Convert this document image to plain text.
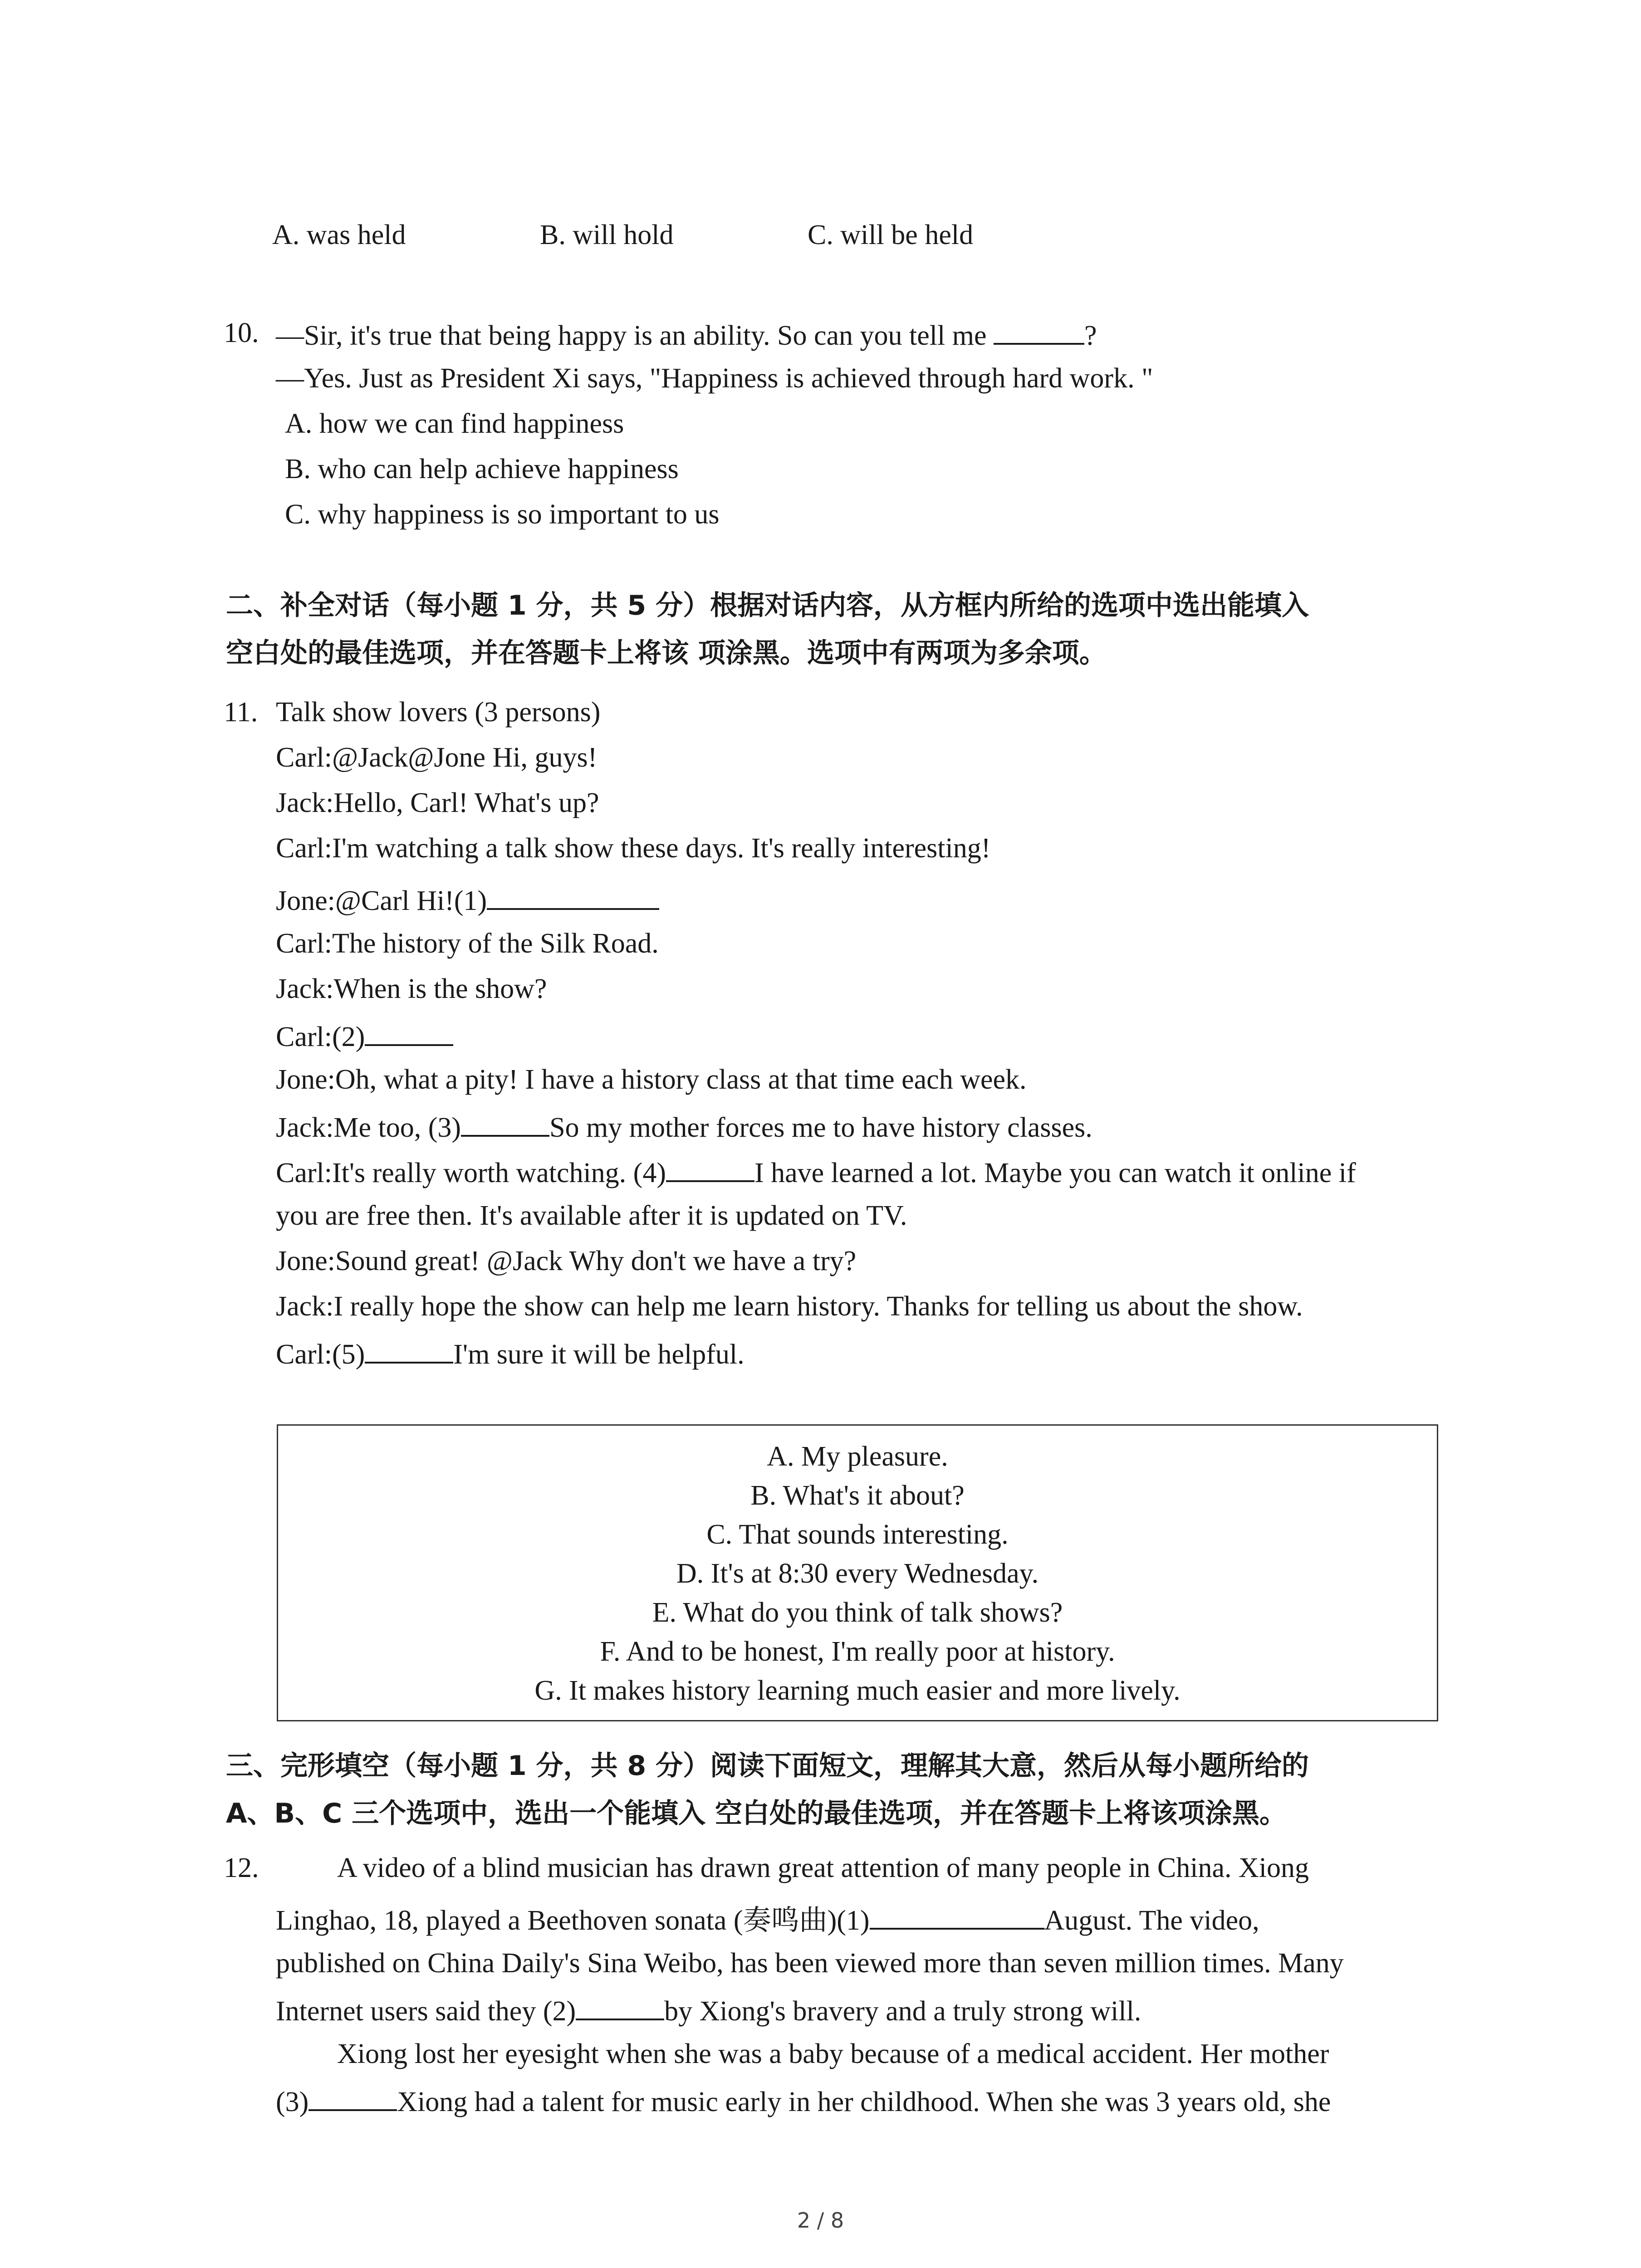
A. was held	B. will hold	C. will be held
10. —Sir, it's true that being happy is an ability. So can you tell me	?
—Yes. Just as President Xi says, "Happiness is achieved through hard work. "
A. how we can find happiness
B. who can help achieve happiness
C. why happiness is so important to us
二、补全对话（每小题 1 分，共 5 分）根据对话内容，从方框内所给的选项中选出能填入
空白处的最佳选项，并在答题卡上将该 项涂黑。选项中有两项为多余项。
11. Talk show lovers (3 persons)
Carl:@Jack@Jone Hi, guys!
Jack:Hello, Carl! What's up?
Carl:I'm watching a talk show these days. It's really interesting!
Jone:@Carl Hi!(1)
Carl:The history of the Silk Road.
Jack:When is the show?
Carl:(2)
Jone:Oh, what a pity! I have a history class at that time each week.
Jack:Me too, (3)	So my mother forces me to have history classes.
Carl:It's really worth watching. (4)	I have learned a lot. Maybe you can watch it online if
you are free then. It's available after it is updated on TV.
Jone:Sound great! @Jack Why don't we have a try?
Jack:I really hope the show can help me learn history. Thanks for telling us about the show.
Carl:(5)	I'm sure it will be helpful.
A. My pleasure.
B. What's it about?
C. That sounds interesting.
D. It's at 8:30 every Wednesday.
E. What do you think of talk shows?
F. And to be honest, I'm really poor at history.
G. It makes history learning much easier and more lively.
三、完形填空（每小题 1 分，共 8 分）阅读下面短文，理解其大意，然后从每小题所给的
A、B、C 三个选项中，选出一个能填入 空白处的最佳选项，并在答题卡上将该项涂黑。
12.	A video of a blind musician has drawn great attention of many people in China. Xiong
Linghao, 18, played a Beethoven sonata (奏鸣曲)(1)	August. The video,
published on China Daily's Sina Weibo, has been viewed more than seven million times. Many
Internet users said they (2)	by Xiong's bravery and a truly strong will.
Xiong lost her eyesight when she was a baby because of a medical accident. Her mother
(3)	Xiong had a talent for music early in her childhood. When she was 3 years old, she
2 / 8
